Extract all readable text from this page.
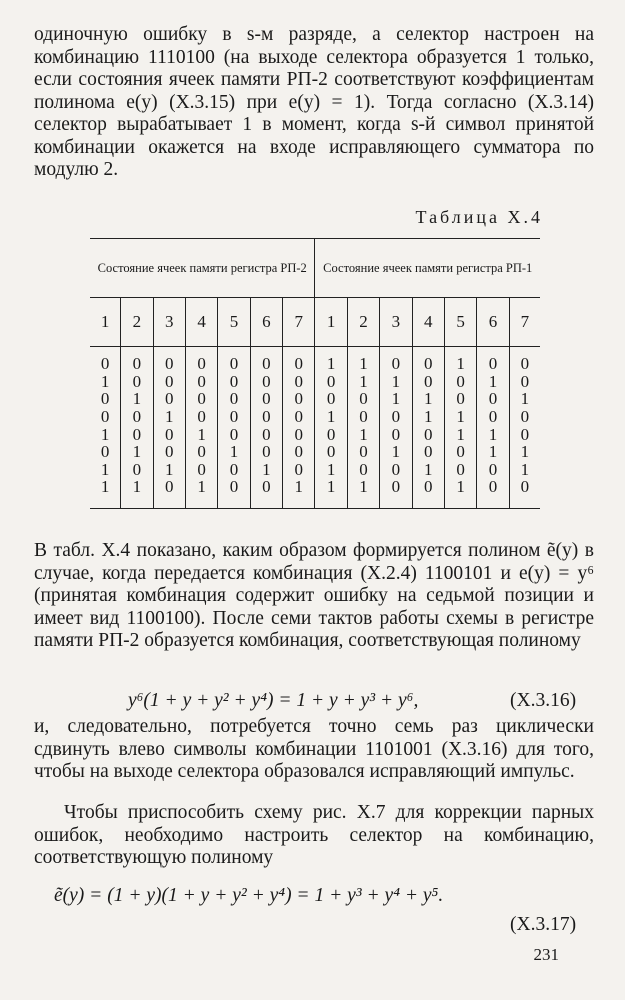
одиночную ошибку в s-м разряде, а селектор настроен на комбинацию 1110100 (на выходе селектора образуется 1 только, если состояния ячеек памяти РП-2 соответствуют коэффициентам полинома e(y) (X.3.15) при e(y) = 1). Тогда согласно (X.3.14) селектор вырабатывает 1 в момент, когда s-й символ принятой комбинации окажется на входе исправляющего сумматора по модулю 2.
Таблица X.4
Состояние ячеек памяти регистра РП-2							Состояние ячеек памяти регистра РП-1						
1	2	3	4	5	6	7	1	2	3	4	5	6	7
0	0	0	0	0	0	0	1	1	0	0	1	0	0
1	0	0	0	0	0	0	0	1	1	0	0	1	0
0	1	0	0	0	0	0	0	0	1	1	0	0	1
0	0	1	0	0	0	0	1	0	0	1	1	0	0
1	0	0	1	0	0	0	0	1	0	0	1	1	0
0	1	0	0	1	0	0	0	0	1	0	0	1	1
1	0	1	0	0	1	0	1	0	0	1	0	0	1
1	1	0	1	0	0	1	1	1	0	0	1	0	0
В табл. X.4 показано, каким образом формируется полином ẽ(y) в случае, когда передается комбинация (X.2.4) 1100101 и e(y) = y⁶ (принятая комбинация содержит ошибку на седьмой позиции и имеет вид 1100100). После семи тактов работы схемы в регистре памяти РП-2 образуется комбинация, соответствующая полиному
y⁶(1 + y + y² + y⁴) = 1 + y + y³ + y⁶,	(X.3.16)
и, следовательно, потребуется точно семь раз циклически сдвинуть влево символы комбинации 1101001 (X.3.16) для того, чтобы на выходе селектора образовался исправляющий импульс.
Чтобы приспособить схему рис. X.7 для коррекции парных ошибок, необходимо настроить селектор на комбинацию, соответствующую полиному
ẽ(y) = (1 + y)(1 + y + y² + y⁴) = 1 + y³ + y⁴ + y⁵.
(X.3.17)
231
